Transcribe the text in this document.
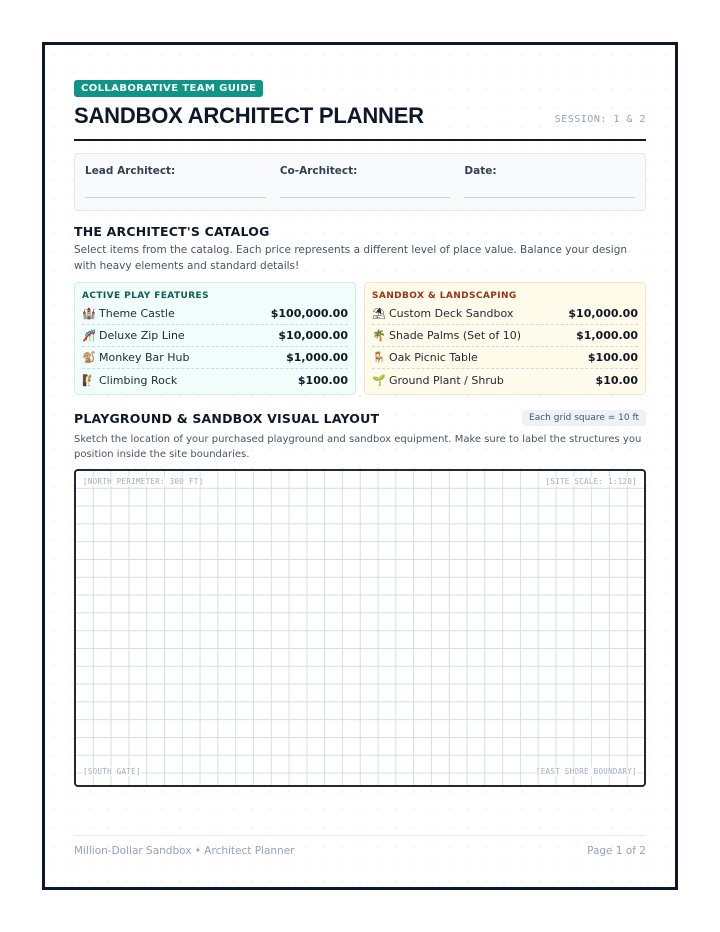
COLLABORATIVE TEAM GUIDE
SANDBOX ARCHITECT PLANNER	SESSION: 1 & 2
Lead Architect:	Co-Architect:	Date:
THE ARCHITECT'S CATALOG

Select items from the catalog. Each price represents a different level of place value. Balance your design with heavy elements and standard details!

ACTIVE PLAY FEATURES
🏰 Theme Castle	$100,000.00
🎢 Deluxe Zip Line	$10,000.00
🐒 Monkey Bar Hub	$1,000.00
🧗 Climbing Rock	$100.00
SANDBOX & LANDSCAPING
⛱ Custom Deck Sandbox	$10,000.00
🌴 Shade Palms (Set of 10)	$1,000.00
🪑 Oak Picnic Table	$100.00
🌱 Ground Plant / Shrub	$10.00
PLAYGROUND & SANDBOX VISUAL LAYOUT	Each grid square = 10 ft

Sketch the location of your purchased playground and sandbox equipment. Make sure to label the structures you position inside the site boundaries.

[NORTH PERIMETER: 300 FT]	[SITE SCALE: 1:120]
[SOUTH GATE]	[EAST SHORE BOUNDARY]
Million-Dollar Sandbox • Architect Planner	Page 1 of 2
